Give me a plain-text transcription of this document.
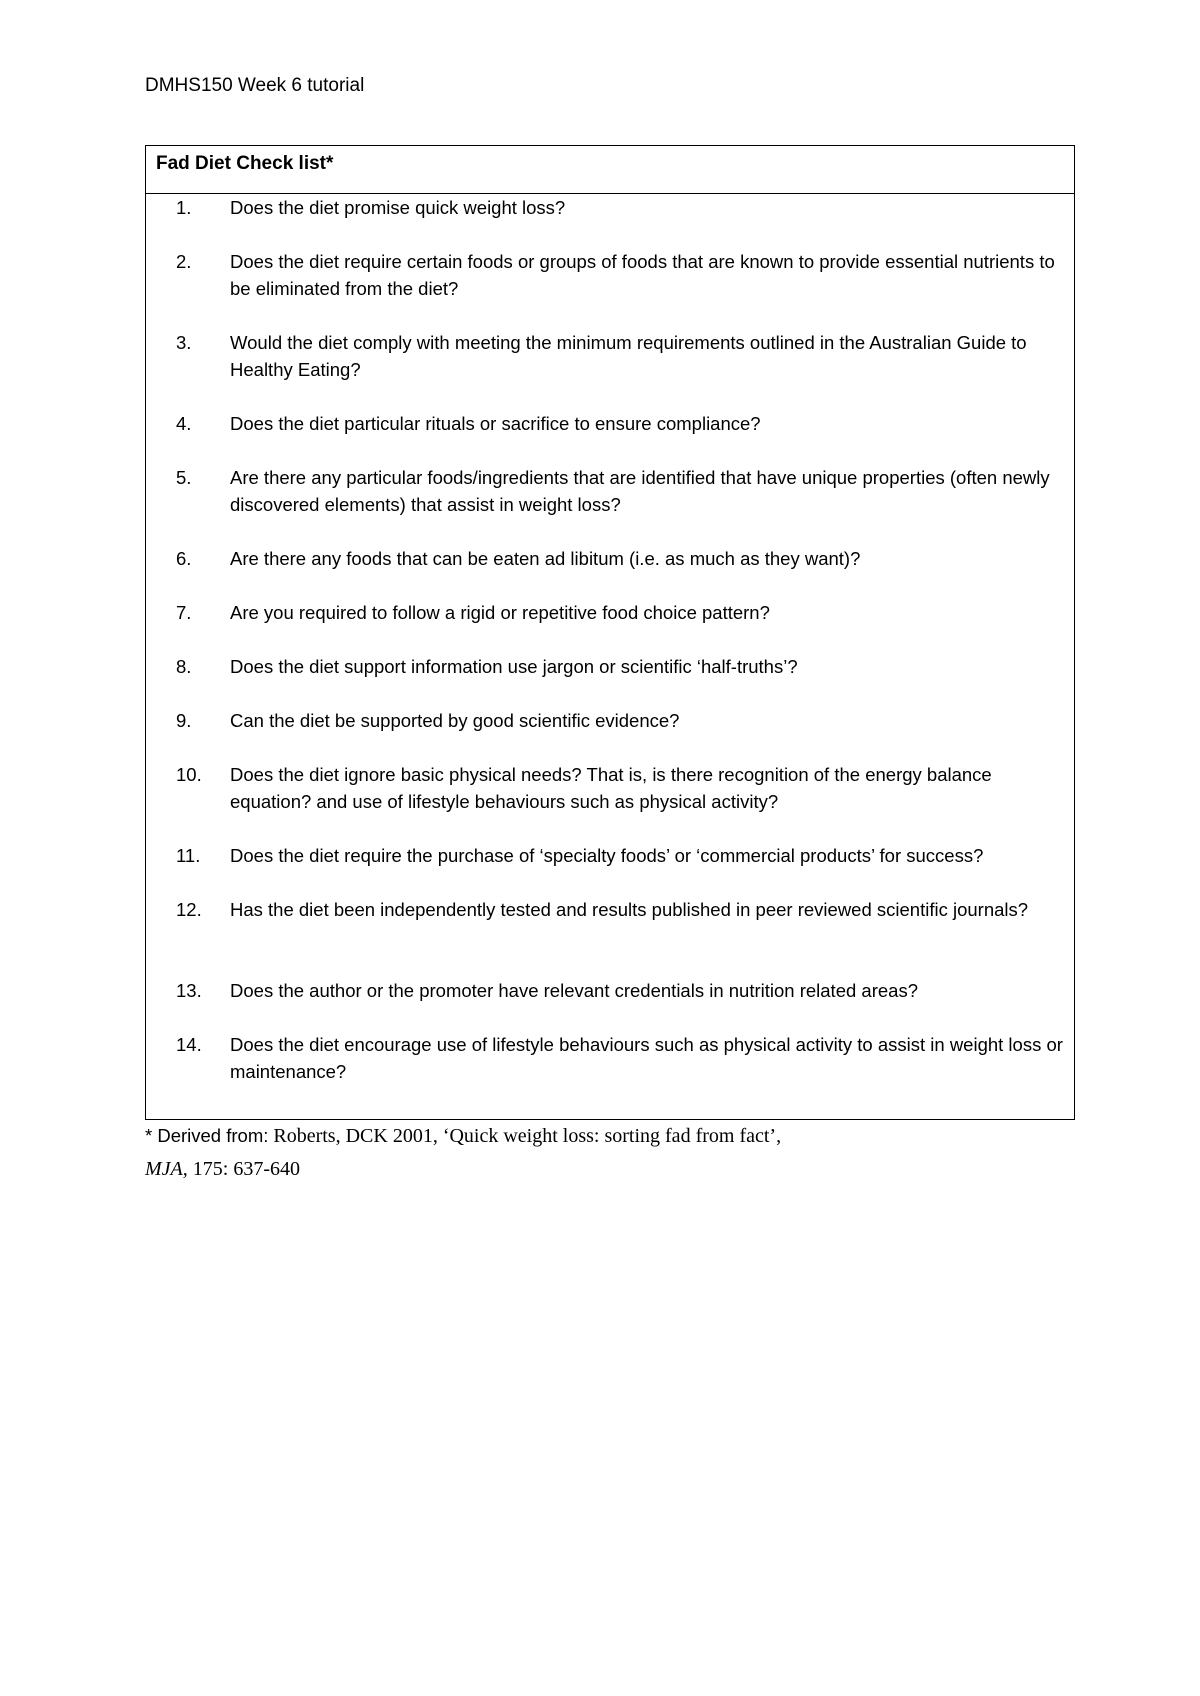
DMHS150 Week 6 tutorial
Fad Diet Check list*
1.	Does the diet promise quick weight loss?
2.	Does the diet require certain foods or groups of foods that are known to provide essential nutrients to be eliminated from the diet?
3.	Would the diet comply with meeting the minimum requirements outlined in the Australian Guide to Healthy Eating?
4.	Does the diet particular rituals or sacrifice to ensure compliance?
5.	Are there any particular foods/ingredients that are identified that have unique properties (often newly discovered elements) that assist in weight loss?
6.	Are there any foods that can be eaten ad libitum (i.e. as much as they want)?
7.	Are you required to follow a rigid or repetitive food choice pattern?
8.	Does the diet support information use jargon or scientific ‘half-truths’?
9.	Can the diet be supported by good scientific evidence?
10.	Does the diet ignore basic physical needs? That is, is there recognition of the energy balance equation? and use of lifestyle behaviours such as physical activity?
11.	Does the diet require the purchase of ‘specialty foods’ or ‘commercial products’ for success?
12.	Has the diet been independently tested and results published in peer reviewed scientific journals?
13.	Does the author or the promoter have relevant credentials in nutrition related areas?
14.	Does the diet encourage use of lifestyle behaviours such as physical activity to assist in weight loss or maintenance?
* Derived from: Roberts, DCK 2001, ‘Quick weight loss: sorting fad from fact’,
MJA, 175: 637-640
